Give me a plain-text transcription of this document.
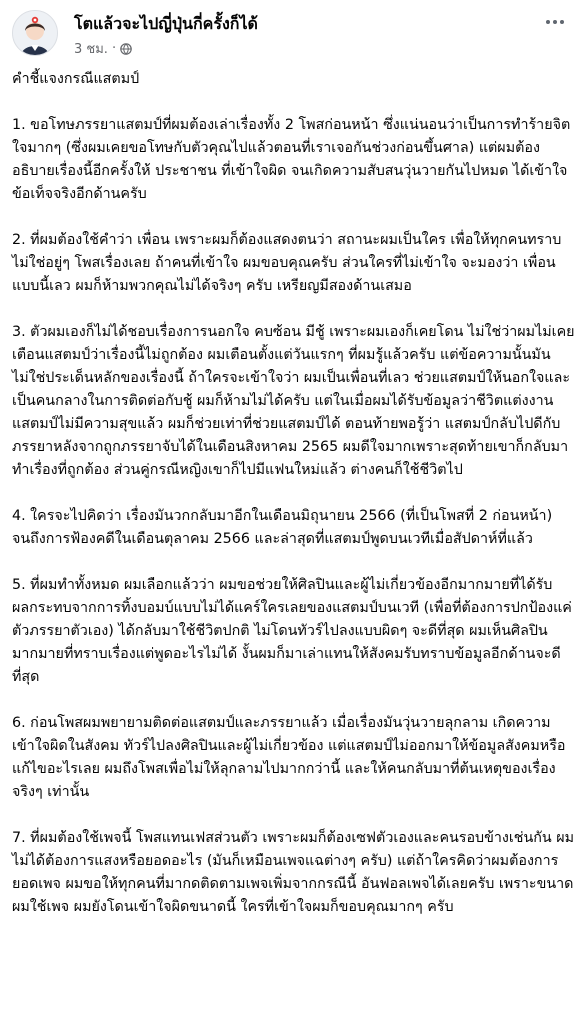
โตแล้วจะไปญี่ปุ่นกี่ครั้งก็ได้
3 ชม. ·

คำชี้แจงกรณีแสตมป์

1. ขอโทษภรรยาแสตมป์ที่ผมต้องเล่าเรื่องทั้ง 2 โพสก่อนหน้า ซึ่งแน่นอนว่าเป็นการทำร้ายจิตใจมากๆ (ซึ่งผมเคยขอโทษกับตัวคุณไปแล้วตอนที่เราเจอกันช่วงก่อนขึ้นศาล) แต่ผมต้องอธิบายเรื่องนี้อีกครั้งให้ ประชาชน ที่เข้าใจผิด จนเกิดความสับสนวุ่นวายกันไปหมด ได้เข้าใจข้อเท็จจริงอีกด้านครับ

2. ที่ผมต้องใช้คำว่า เพื่อน เพราะผมก็ต้องแสดงตนว่า สถานะผมเป็นใคร เพื่อให้ทุกคนทราบ ไม่ใช่อยู่ๆ โพสเรื่องเลย ถ้าคนที่เข้าใจ ผมขอบคุณครับ ส่วนใครที่ไม่เข้าใจ จะมองว่า เพื่อนแบบนี้เลว ผมก็ห้ามพวกคุณไม่ได้จริงๆ ครับ เหรียญมีสองด้านเสมอ

3. ตัวผมเองก็ไม่ได้ชอบเรื่องการนอกใจ คบซ้อน มีชู้ เพราะผมเองก็เคยโดน ไม่ใช่ว่าผมไม่เคยเตือนแสตมป์ว่าเรื่องนี้ไม่ถูกต้อง ผมเตือนตั้งแต่วันแรกๆ ที่ผมรู้แล้วครับ แต่ข้อความนั้นมันไม่ใช่ประเด็นหลักของเรื่องนี้ ถ้าใครจะเข้าใจว่า ผมเป็นเพื่อนที่เลว ช่วยแสตมป์ให้นอกใจและเป็นคนกลางในการติดต่อกับชู้ ผมก็ห้ามไม่ได้ครับ แต่ในเมื่อผมได้รับข้อมูลว่าชีวิตแต่งงานแสตมป์ไม่มีความสุขแล้ว ผมก็ช่วยเท่าที่ช่วยแสตมป์ได้ ตอนท้ายพอรู้ว่า แสตมป์กลับไปดีกับภรรยาหลังจากถูกภรรยาจับได้ในเดือนสิงหาคม 2565 ผมดีใจมากเพราะสุดท้ายเขาก็กลับมาทำเรื่องที่ถูกต้อง ส่วนคู่กรณีหญิงเขาก็ไปมีแฟนใหม่แล้ว ต่างคนก็ใช้ชีวิตไป

4. ใครจะไปคิดว่า เรื่องมันวกกลับมาอีกในเดือนมิถุนายน 2566 (ที่เป็นโพสที่ 2 ก่อนหน้า) จนถึงการฟ้องคดีในเดือนตุลาคม 2566 และล่าสุดที่แสตมป์พูดบนเวทีเมื่อสัปดาห์ที่แล้ว

5. ที่ผมทำทั้งหมด ผมเลือกแล้วว่า ผมขอช่วยให้ศิลปินและผู้ไม่เกี่ยวข้องอีกมากมายที่ได้รับผลกระทบจากการทิ้งบอมบ์แบบไม่ได้แคร์ใครเลยของแสตมป์บนเวที (เพื่อที่ต้องการปกป้องแค่ตัวภรรยาตัวเอง) ได้กลับมาใช้ชีวิตปกติ ไม่โดนทัวร์ไปลงแบบผิดๆ จะดีที่สุด ผมเห็นศิลปินมากมายที่ทราบเรื่องแต่พูดอะไรไม่ได้ งั้นผมก็มาเล่าแทนให้สังคมรับทราบข้อมูลอีกด้านจะดีที่สุด

6. ก่อนโพสผมพยายามติดต่อแสตมป์และภรรยาแล้ว เมื่อเรื่องมันวุ่นวายลุกลาม เกิดความเข้าใจผิดในสังคม ทัวร์ไปลงศิลปินและผู้ไม่เกี่ยวข้อง แต่แสตมป์ไม่ออกมาให้ข้อมูลสังคมหรือแก้ไขอะไรเลย ผมถึงโพสเพื่อไม่ให้ลุกลามไปมากกว่านี้ และให้คนกลับมาที่ต้นเหตุของเรื่องจริงๆ เท่านั้น

7. ที่ผมต้องใช้เพจนี้ โพสแทนเฟสส่วนตัว เพราะผมก็ต้องเซฟตัวเองและคนรอบข้างเช่นกัน ผมไม่ได้ต้องการแสงหรือยอดอะไร (มันก็เหมือนเพจแฉต่างๆ ครับ) แต่ถ้าใครคิดว่าผมต้องการยอดเพจ ผมขอให้ทุกคนที่มากดติดตามเพจเพิ่มจากกรณีนี้ อันฟอลเพจได้เลยครับ เพราะขนาดผมใช้เพจ ผมยังโดนเข้าใจผิดขนาดนี้ ใครที่เข้าใจผมก็ขอบคุณมากๆ ครับ
